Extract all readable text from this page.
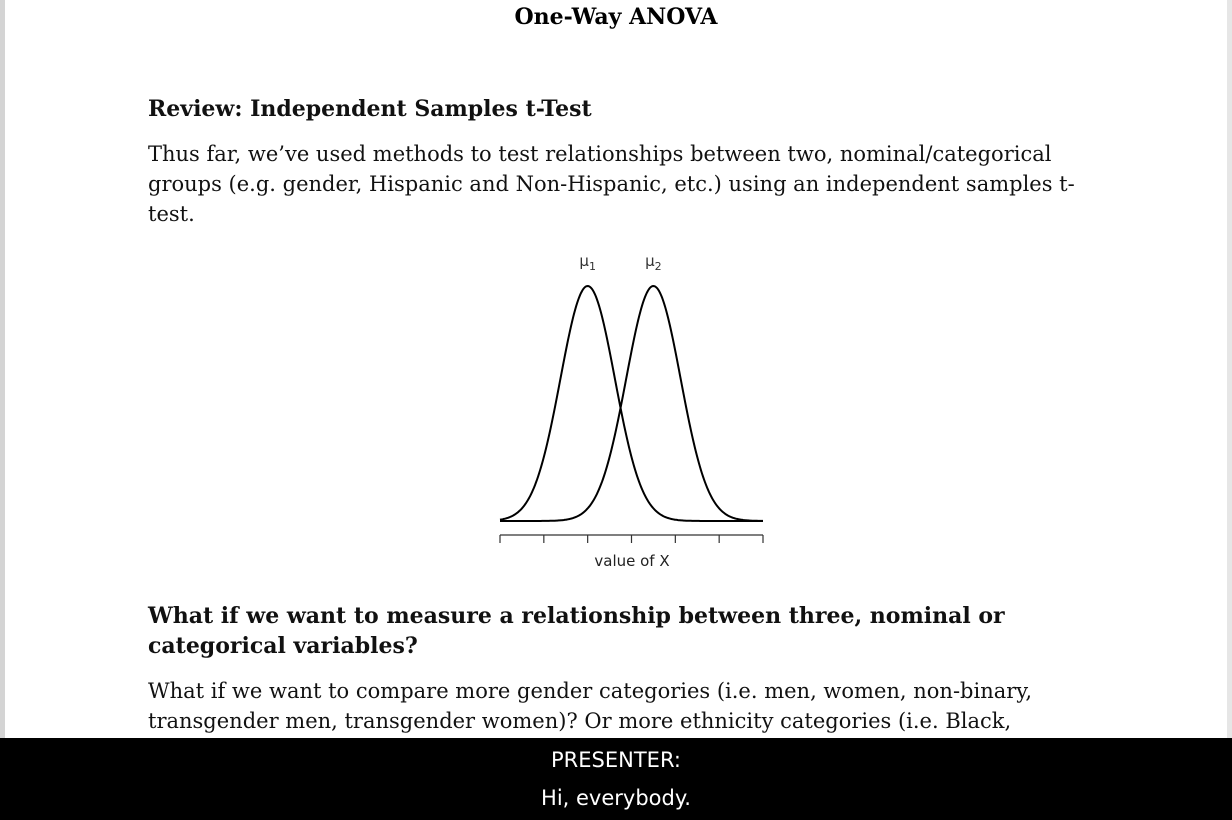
One-Way ANOVA
Review: Independent Samples t-Test

Thus far, we’ve used methods to test relationships between two, nominal/categorical groups (e.g. gender, Hispanic and Non-Hispanic, etc.) using an independent samples t-test.

$\mu_1$	$\mu_2$
value of X
What if we want to measure a relationship between three, nominal or categorical variables?

What if we want to compare more gender categories (i.e. men, women, non-binary, transgender men, transgender women)? Or more ethnicity categories (i.e. Black,

PRESENTER:

Hi, everybody.
